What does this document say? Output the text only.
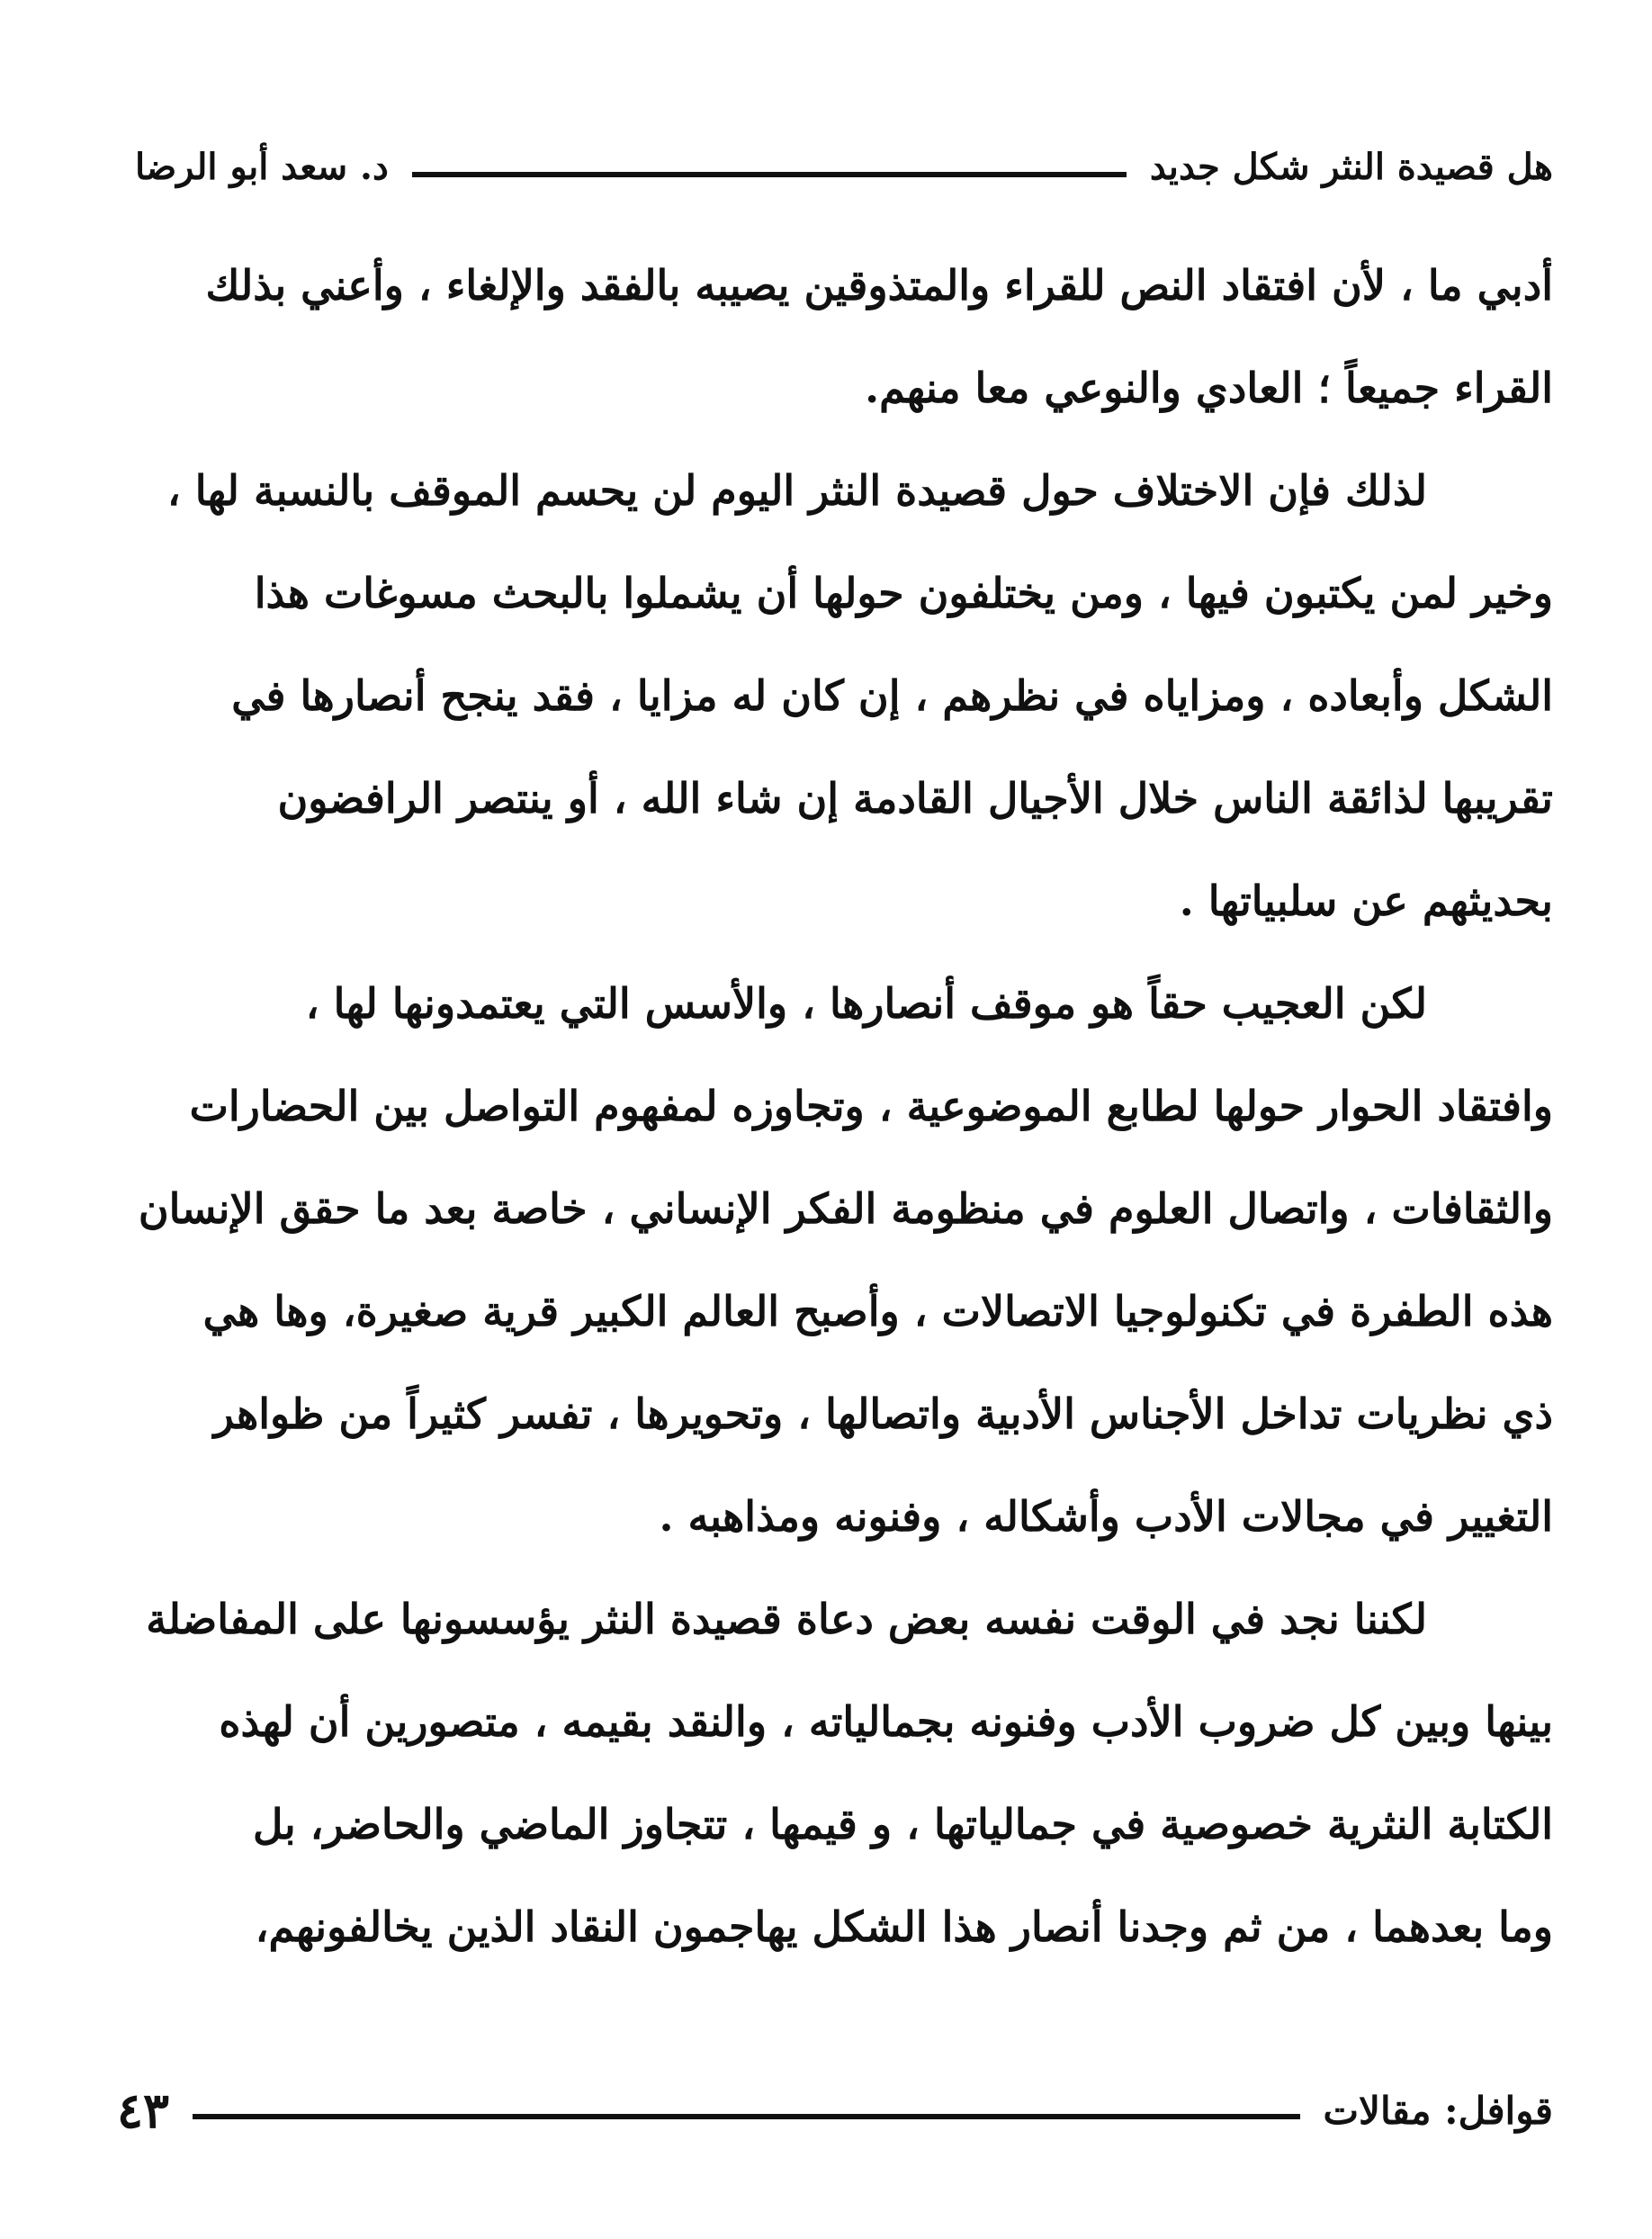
هل قصيدة النثر شكل جديد
د. سعد أبو الرضا

أدبي ما ، لأن افتقاد النص للقراء والمتذوقين يصيبه بالفقد والإلغاء ، وأعني بذلك
القراء جميعاً ؛ العادي والنوعي معا منهم.

لذلك فإن الاختلاف حول قصيدة النثر اليوم لن يحسم الموقف بالنسبة لها ،
وخير لمن يكتبون فيها ، ومن يختلفون حولها أن يشملوا بالبحث مسوغات هذا
الشكل وأبعاده ، ومزاياه في نظرهم ، إن كان له مزايا ، فقد ينجح أنصارها في
تقريبها لذائقة الناس خلال الأجيال القادمة إن شاء الله ، أو ينتصر الرافضون
بحديثهم عن سلبياتها .

لكن العجيب حقاً هو موقف أنصارها ، والأسس التي يعتمدونها لها ،
وافتقاد الحوار حولها لطابع الموضوعية ، وتجاوزه لمفهوم التواصل بين الحضارات
والثقافات ، واتصال العلوم في منظومة الفكر الإنساني ، خاصة بعد ما حقق الإنسان
هذه الطفرة في تكنولوجيا الاتصالات ، وأصبح العالم الكبير قرية صغيرة، وها هي
ذي نظريات تداخل الأجناس الأدبية واتصالها ، وتحويرها ، تفسر كثيراً من ظواهر
التغيير في مجالات الأدب وأشكاله ، وفنونه ومذاهبه .

لكننا نجد في الوقت نفسه بعض دعاة قصيدة النثر يؤسسونها على المفاضلة
بينها وبين كل ضروب الأدب وفنونه بجمالياته ، والنقد بقيمه ، متصورين أن لهذه
الكتابة النثرية خصوصية في جمالياتها ، و قيمها ، تتجاوز الماضي والحاضر، بل
وما بعدهما ، من ثم وجدنا أنصار هذا الشكل يهاجمون النقاد الذين يخالفونهم،

قوافل: مقالات
٤٣
